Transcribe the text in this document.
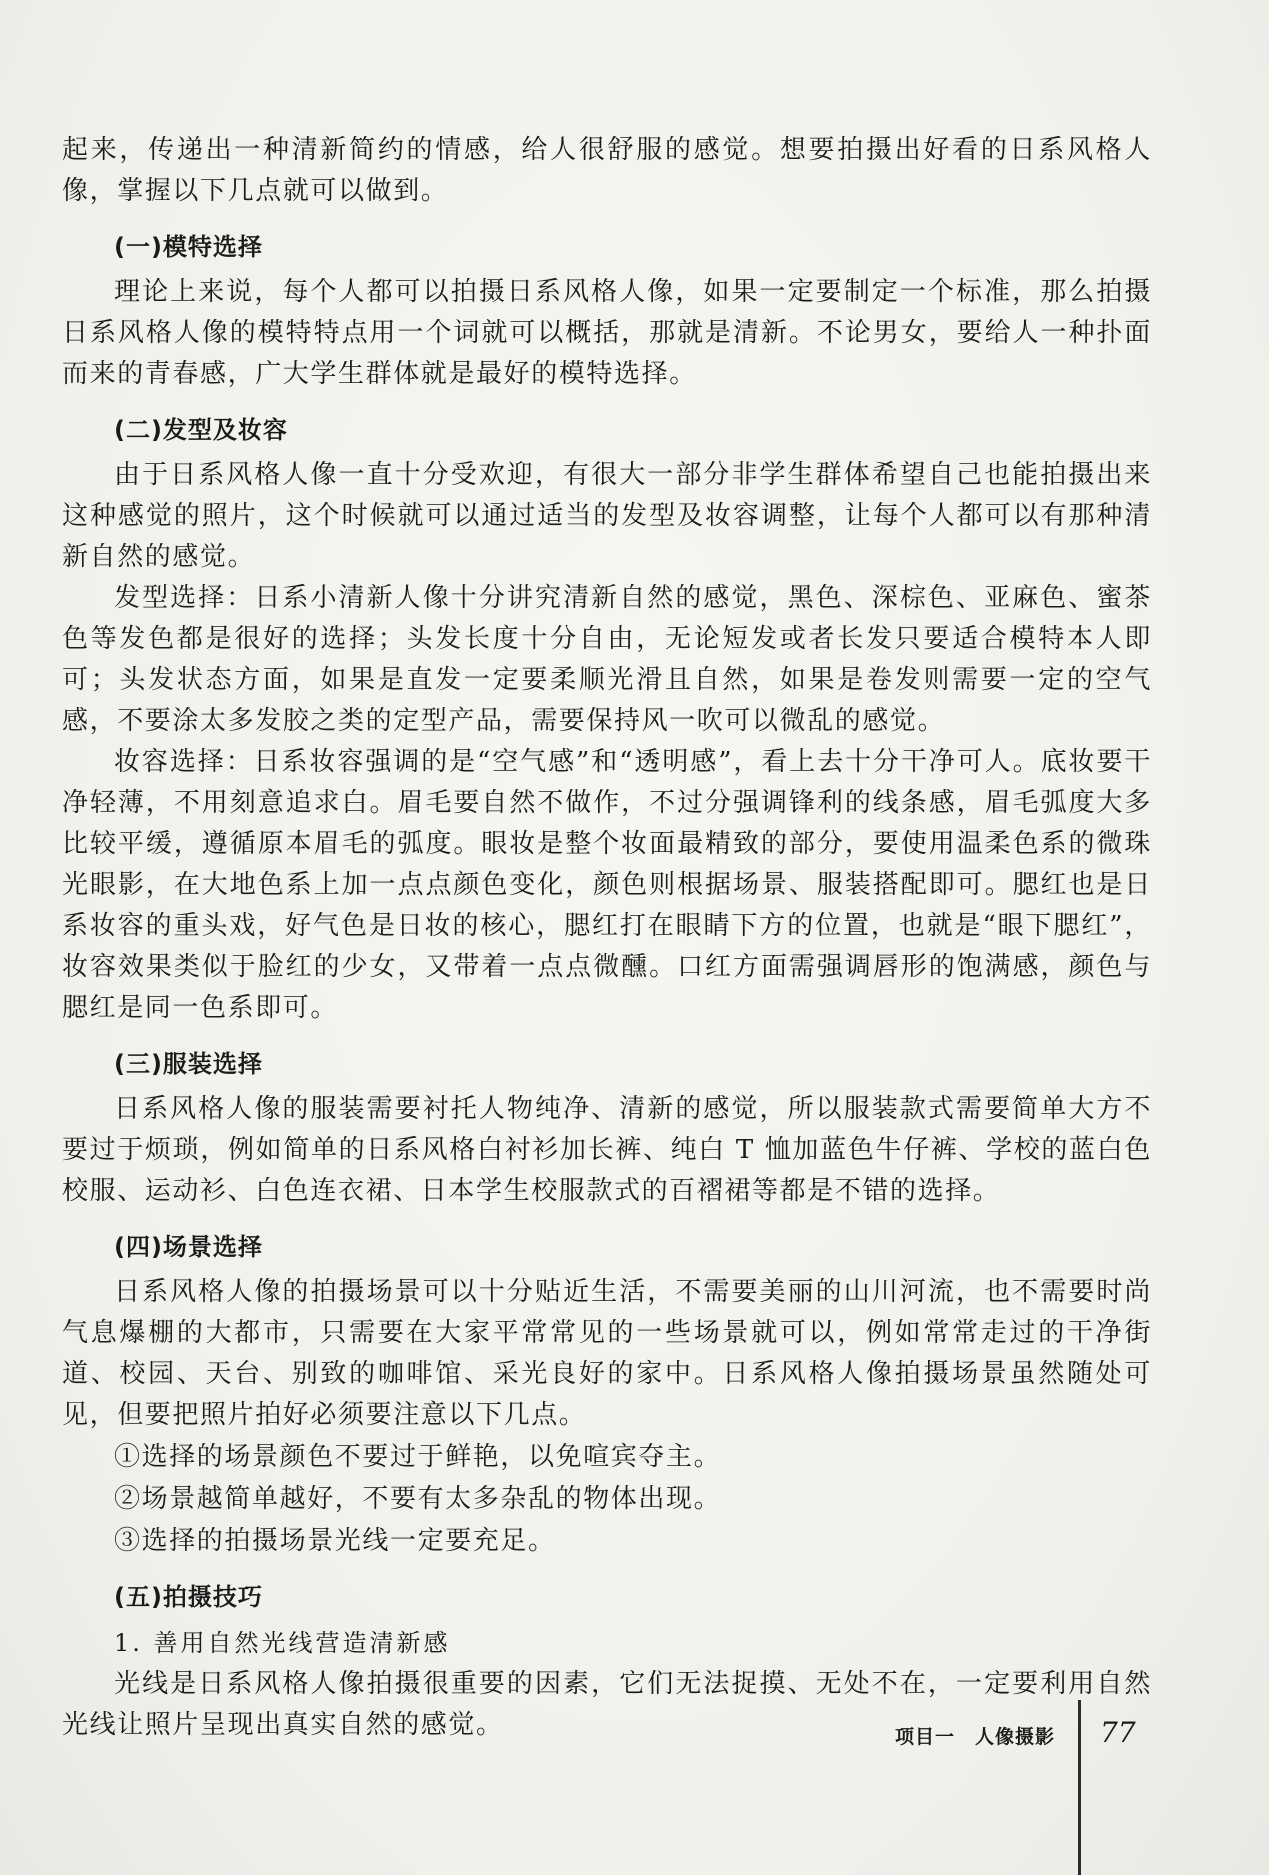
起来，传递出一种清新简约的情感，给人很舒服的感觉。想要拍摄出好看的日系风格人像，掌握以下几点就可以做到。

(一)模特选择

理论上来说，每个人都可以拍摄日系风格人像，如果一定要制定一个标准，那么拍摄日系风格人像的模特特点用一个词就可以概括，那就是清新。不论男女，要给人一种扑面而来的青春感，广大学生群体就是最好的模特选择。

(二)发型及妆容

由于日系风格人像一直十分受欢迎，有很大一部分非学生群体希望自己也能拍摄出来这种感觉的照片，这个时候就可以通过适当的发型及妆容调整，让每个人都可以有那种清新自然的感觉。

发型选择：日系小清新人像十分讲究清新自然的感觉，黑色、深棕色、亚麻色、蜜茶色等发色都是很好的选择；头发长度十分自由，无论短发或者长发只要适合模特本人即可；头发状态方面，如果是直发一定要柔顺光滑且自然，如果是卷发则需要一定的空气感，不要涂太多发胶之类的定型产品，需要保持风一吹可以微乱的感觉。

妆容选择：日系妆容强调的是“空气感”和“透明感”，看上去十分干净可人。底妆要干净轻薄，不用刻意追求白。眉毛要自然不做作，不过分强调锋利的线条感，眉毛弧度大多比较平缓，遵循原本眉毛的弧度。眼妆是整个妆面最精致的部分，要使用温柔色系的微珠光眼影，在大地色系上加一点点颜色变化，颜色则根据场景、服装搭配即可。腮红也是日系妆容的重头戏，好气色是日妆的核心，腮红打在眼睛下方的位置，也就是“眼下腮红”，妆容效果类似于脸红的少女，又带着一点点微醺。口红方面需强调唇形的饱满感，颜色与腮红是同一色系即可。

(三)服装选择

日系风格人像的服装需要衬托人物纯净、清新的感觉，所以服装款式需要简单大方不要过于烦琐，例如简单的日系风格白衬衫加长裤、纯白 T 恤加蓝色牛仔裤、学校的蓝白色校服、运动衫、白色连衣裙、日本学生校服款式的百褶裙等都是不错的选择。

(四)场景选择

日系风格人像的拍摄场景可以十分贴近生活，不需要美丽的山川河流，也不需要时尚气息爆棚的大都市，只需要在大家平常常见的一些场景就可以，例如常常走过的干净街道、校园、天台、别致的咖啡馆、采光良好的家中。日系风格人像拍摄场景虽然随处可见，但要把照片拍好必须要注意以下几点。

①选择的场景颜色不要过于鲜艳，以免喧宾夺主。

②场景越简单越好，不要有太多杂乱的物体出现。

③选择的拍摄场景光线一定要充足。

(五)拍摄技巧

1. 善用自然光线营造清新感

光线是日系风格人像拍摄很重要的因素，它们无法捉摸、无处不在，一定要利用自然光线让照片呈现出真实自然的感觉。	项目一　人像摄影 77
